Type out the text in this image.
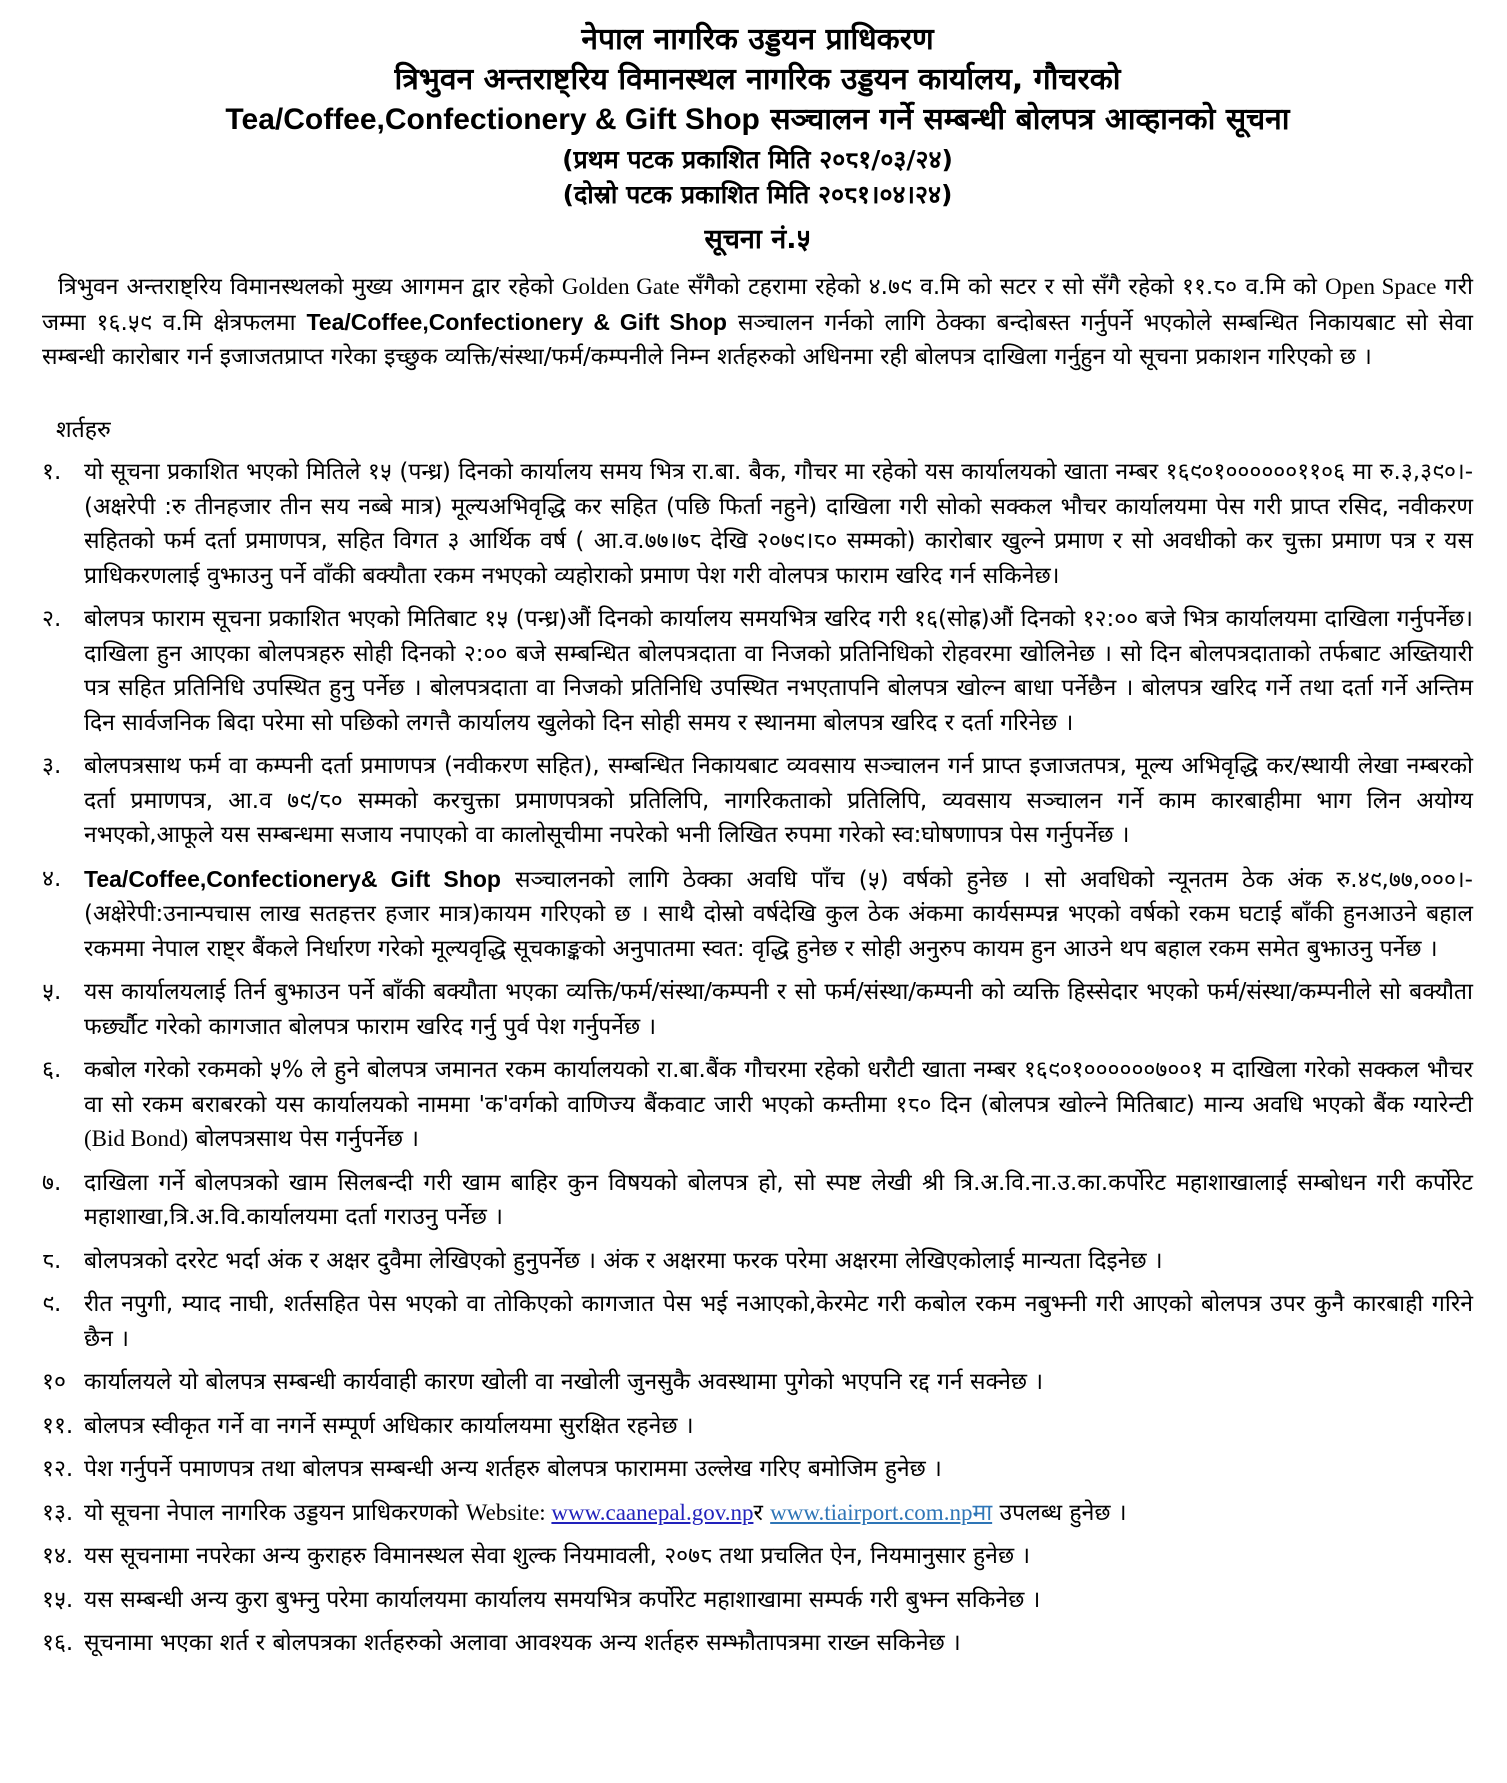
नेपाल नागरिक उड्डयन प्राधिकरण
त्रिभुवन अन्तराष्ट्रिय विमानस्थल नागरिक उड्डयन कार्यालय, गौचरको
Tea/Coffee,Confectionery & Gift Shop सञ्चालन गर्ने सम्बन्धी बोलपत्र आव्हानको सूचना
(प्रथम पटक प्रकाशित मिति २०८१/०३/२४)
(दोस्रो पटक प्रकाशित मिति २०८१।०४।२४)
सूचना नं.५
त्रिभुवन अन्तराष्ट्रिय विमानस्थलको मुख्य आगमन द्वार रहेको Golden Gate सँगैको टहरामा रहेको ४.७९ व.मि को सटर र सो सँगै रहेको ११.८० व.मि को Open Space गरी जम्मा १६.५९ व.मि क्षेत्रफलमा Tea/Coffee,Confectionery & Gift Shop सञ्चालन गर्नको लागि ठेक्का बन्दोबस्त गर्नुपर्ने भएकोले सम्बन्धित निकायबाट सो सेवा सम्बन्धी कारोबार गर्न इजाजतप्राप्त गरेका इच्छुक व्यक्ति/संस्था/फर्म/कम्पनीले निम्न शर्तहरुको अधिनमा रही बोलपत्र दाखिला गर्नुहुन यो सूचना प्रकाशन गरिएको छ ।
शर्तहरु
१. यो सूचना प्रकाशित भएको मितिले १५ (पन्ध्र) दिनको कार्यालय समय भित्र रा.बा. बैक, गौचर मा रहेको यस कार्यालयको खाता नम्बर १६९०१००००००११०६ मा रु.३,३९०।- (अक्षरेपी :रु तीनहजार तीन सय नब्बे मात्र) मूल्यअभिवृद्धि कर सहित (पछि फिर्ता नहुने) दाखिला गरी सोको सक्कल भौचर कार्यालयमा पेस गरी प्राप्त रसिद, नवीकरण सहितको फर्म दर्ता प्रमाणपत्र, सहित विगत ३ आर्थिक वर्ष ( आ.व.७७।७८ देखि २०७९।८० सम्मको) कारोबार खुल्ने प्रमाण र सो अवधीको कर चुक्ता प्रमाण पत्र र यस प्राधिकरणलाई वुझाउनु पर्ने वाँकी बक्यौता रकम नभएको व्यहोराको प्रमाण पेश गरी वोलपत्र फाराम खरिद गर्न सकिनेछ।
२. बोलपत्र फाराम सूचना प्रकाशित भएको मितिबाट १५ (पन्ध्र)औं दिनको कार्यालय समयभित्र खरिद गरी १६(सोह्र)औं दिनको १२:०० बजे भित्र कार्यालयमा दाखिला गर्नुपर्नेछ। दाखिला हुन आएका बोलपत्रहरु सोही दिनको २:०० बजे सम्बन्धित बोलपत्रदाता वा निजको प्रतिनिधिको रोहवरमा खोलिनेछ । सो दिन बोलपत्रदाताको तर्फबाट अख्तियारी पत्र सहित प्रतिनिधि उपस्थित हुनु पर्नेछ । बोलपत्रदाता वा निजको प्रतिनिधि उपस्थित नभएतापनि बोलपत्र खोल्न बाधा पर्नेछैन । बोलपत्र खरिद गर्ने तथा दर्ता गर्ने अन्तिम दिन सार्वजनिक बिदा परेमा सो पछिको लगत्तै कार्यालय खुलेको दिन सोही समय र स्थानमा बोलपत्र खरिद र दर्ता गरिनेछ ।
३. बोलपत्रसाथ फर्म वा कम्पनी दर्ता प्रमाणपत्र (नवीकरण सहित), सम्बन्धित निकायबाट व्यवसाय सञ्चालन गर्न प्राप्त इजाजतपत्र, मूल्य अभिवृद्धि कर/स्थायी लेखा नम्बरको दर्ता प्रमाणपत्र, आ.व ७९/८० सम्मको करचुक्ता प्रमाणपत्रको प्रतिलिपि, नागरिकताको प्रतिलिपि, व्यवसाय सञ्चालन गर्ने काम कारबाहीमा भाग लिन अयोग्य नभएको,आफूले यस सम्बन्धमा सजाय नपाएको वा कालोसूचीमा नपरेको भनी लिखित रुपमा गरेको स्व:घोषणापत्र पेस गर्नुपर्नेछ ।
४. Tea/Coffee,Confectionery& Gift Shop सञ्चालनको लागि ठेक्का अवधि पाँच (५) वर्षको हुनेछ । सो अवधिको न्यूनतम ठेक अंक रु.४९,७७,०००।-(अक्षेरेपी:उनान्पचास लाख सतहत्तर हजार मात्र)कायम गरिएको छ । साथै दोस्रो वर्षदेखि कुल ठेक अंकमा कार्यसम्पन्न भएको वर्षको रकम घटाई बाँकी हुनआउने बहाल रकममा नेपाल राष्ट्र बैंकले निर्धारण गरेको मूल्यवृद्धि सूचकाङ्कको अनुपातमा स्वत: वृद्धि हुनेछ र सोही अनुरुप कायम हुन आउने थप बहाल रकम समेत बुझाउनु पर्नेछ ।
५. यस कार्यालयलाई तिर्न बुझाउन पर्ने बाँकी बक्यौता भएका व्यक्ति/फर्म/संस्था/कम्पनी र सो फर्म/संस्था/कम्पनी को व्यक्ति हिस्सेदार भएको फर्म/संस्था/कम्पनीले सो बक्यौता फर्छ्यौट गरेको कागजात बोलपत्र फाराम खरिद गर्नु पुर्व पेश गर्नुपर्नेछ ।
६. कबोल गरेको रकमको ५% ले हुने बोलपत्र जमानत रकम कार्यालयको रा.बा.बैंक गौचरमा रहेको धरौटी खाता नम्बर १६९०१००००००७००१ म दाखिला गरेको सक्कल भौचर वा सो रकम बराबरको यस कार्यालयको नाममा 'क'वर्गको वाणिज्य बैंकवाट जारी भएको कम्तीमा १८० दिन (बोलपत्र खोल्ने मितिबाट) मान्य अवधि भएको बैंक ग्यारेन्टी (Bid Bond) बोलपत्रसाथ पेस गर्नुपर्नेछ ।
७. दाखिला गर्ने बोलपत्रको खाम सिलबन्दी गरी खाम बाहिर कुन विषयको बोलपत्र हो, सो स्पष्ट लेखी श्री त्रि.अ.वि.ना.उ.का.कर्पोरेट महाशाखालाई सम्बोधन गरी कर्पोरेट महाशाखा,त्रि.अ.वि.कार्यालयमा दर्ता गराउनु पर्नेछ ।
८. बोलपत्रको दररेट भर्दा अंक र अक्षर दुवैमा लेखिएको हुनुपर्नेछ । अंक र अक्षरमा फरक परेमा अक्षरमा लेखिएकोलाई मान्यता दिइनेछ ।
९. रीत नपुगी, म्याद नाघी, शर्तसहित पेस भएको वा तोकिएको कागजात पेस भई नआएको,केरमेट गरी कबोल रकम नबुझ्नी गरी आएको बोलपत्र उपर कुनै कारबाही गरिने छैन ।
१० कार्यालयले यो बोलपत्र सम्बन्धी कार्यवाही कारण खोली वा नखोली जुनसुकै अवस्थामा पुगेको भएपनि रद्द गर्न सक्नेछ ।
११. बोलपत्र स्वीकृत गर्ने वा नगर्ने सम्पूर्ण अधिकार कार्यालयमा सुरक्षित रहनेछ ।
१२. पेश गर्नुपर्ने पमाणपत्र तथा बोलपत्र सम्बन्धी अन्य शर्तहरु बोलपत्र फाराममा उल्लेख गरिए बमोजिम हुनेछ ।
१३. यो सूचना नेपाल नागरिक उड्डयन प्राधिकरणको Website: www.caanepal.gov.npर www.tiairport.com.npमा उपलब्ध हुनेछ ।
१४. यस सूचनामा नपरेका अन्य कुराहरु विमानस्थल सेवा शुल्क नियमावली, २०७८ तथा प्रचलित ऐन, नियमानुसार हुनेछ ।
१५. यस सम्बन्धी अन्य कुरा बुझ्नु परेमा कार्यालयमा कार्यालय समयभित्र कर्पोरेट महाशाखामा सम्पर्क गरी बुझ्न सकिनेछ ।
१६. सूचनामा भएका शर्त र बोलपत्रका शर्तहरुको अलावा आवश्यक अन्य शर्तहरु सम्झौतापत्रमा राख्न सकिनेछ ।
